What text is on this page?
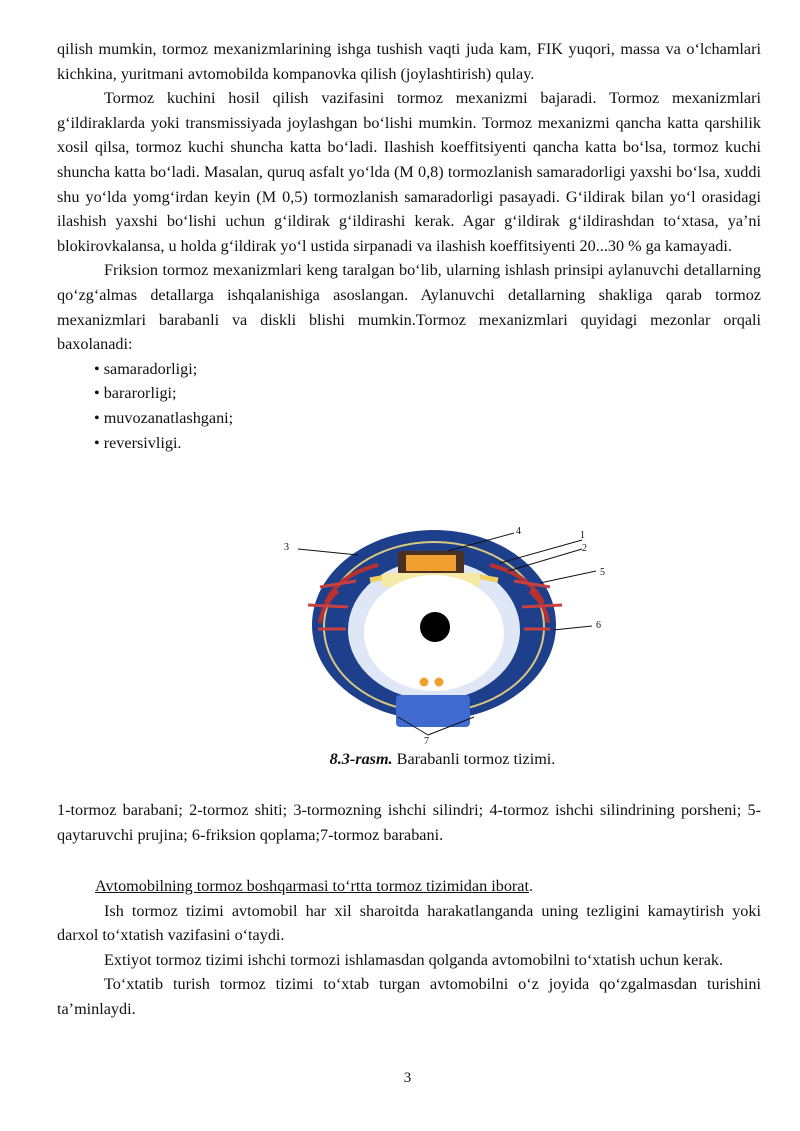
qilish mumkin, tormoz mexanizmlarining ishga tushish vaqti juda kam, FIK yuqori, massa va o‘lchamlari kichkina, yuritmani avtomobilda kompanovka qilish (joylashtirish) qulay.

Tormoz kuchini hosil qilish vazifasini tormoz mexanizmi bajaradi. Tormoz mexanizmlari g‘ildiraklarda yoki transmissiyada joylashgan bo‘lishi mumkin. Tormoz mexanizmi qancha katta qarshilik xosil qilsa, tormoz kuchi shuncha katta bo‘ladi. Ilashish koeffitsiyenti qancha katta bo‘lsa, tormoz kuchi shuncha katta bo‘ladi. Masalan, quruq asfalt yo‘lda (M 0,8) tormozlanish samaradorligi yaxshi bo‘lsa, xuddi shu yo‘lda yomg‘irdan keyin (M 0,5) tormozlanish samaradorligi pasayadi. G‘ildirak bilan yo‘l orasidagi ilashish yaxshi bo‘lishi uchun g‘ildirak g‘ildirashi kerak. Agar g‘ildirak g‘ildirashdan to‘xtasa, ya’ni blokirovkalansa, u holda g‘ildirak yo‘l ustida sirpanadi va ilashish koeffitsiyenti 20...30 % ga kamayadi.

Friksion tormoz mexanizmlari keng taralgan bo‘lib, ularning ishlash prinsipi aylanuvchi detallarning qo‘zg‘almas detallarga ishqalanishiga asoslangan. Aylanuvchi detallarning shakliga qarab tormoz mexanizmlari barabanli va diskli blishi mumkin.Tormoz mexanizmlari quyidagi mezonlar orqali baxolanadi:

• samaradorligi;
• bararorligi;
• muvozanatlashgani;
• reversivligi.
3
4	1
2
5
6
7
8.3-rasm. Barabanli tormoz tizimi.

1-tormoz barabani; 2-tormoz shiti; 3-tormozning ishchi silindri; 4-tormoz ishchi silindrining porsheni; 5-qaytaruvchi prujina; 6-friksion qoplama;7-tormoz barabani.

Avtomobilning tormoz boshqarmasi to‘rtta tormoz tizimidan iborat.

Ish tormoz tizimi avtomobil har xil sharoitda harakatlanganda uning tezligini kamaytirish yoki darxol to‘xtatish vazifasini o‘taydi.

Extiyot tormoz tizimi ishchi tormozi ishlamasdan qolganda avtomobilni to‘xtatish uchun kerak.

To‘xtatib turish tormoz tizimi to‘xtab turgan avtomobilni o‘z joyida qo‘zgalmasdan turishini ta’minlaydi.

3
